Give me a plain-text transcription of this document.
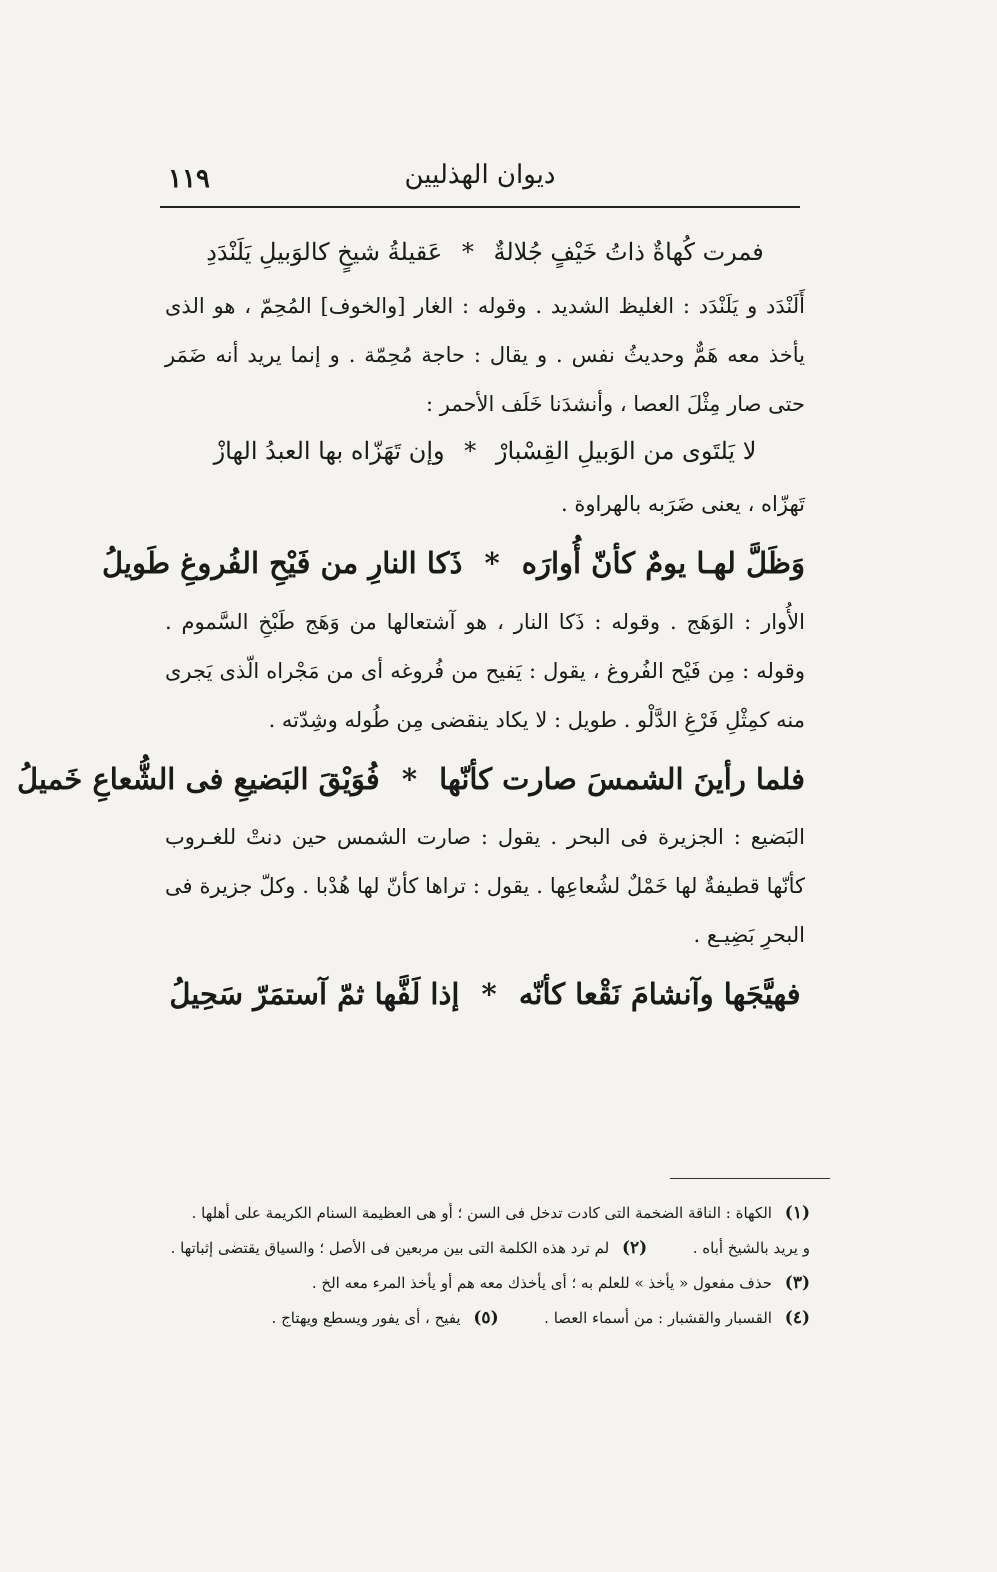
١١٩	ديوان الهذليين
فمرت كُهاةٌ ذاتُ خَيْفٍ جُلالةٌ * عَقيلةُ شيخٍ كالوَبيلِ يَلَنْدَدِ

أَلَنْدَد و يَلَنْدَد : الغليظ الشديد . وقوله : الغار [والخوف] المُحِمّ ، هو الذى يأخذ معه هَمٌّ وحديثُ نفس . و يقال : حاجة مُحِمّة . و إنما يريد أنه ضَمَر حتى صار مِثْلَ العصا ، وأنشدَنا خَلَف الأحمر :

لا يَلتَوى من الوَبيلِ القِسْبارْ * وإن تَهَزّاه بها العبدُ الهازْ

تَهزّاه ، يعنى ضَرَبه بالهراوة .

وَظَلَّ لهـا يومٌ كأنّ أُوارَه * ذَكا النارِ من فَيْحِ الفُروغِ طَويلُ

الأُوار : الوَهَج . وقوله : ذَكا النار ، هو آشتعالها من وَهَج طَبْخِ السَّموم . وقوله : مِن فَيْح الفُروغ ، يقول : يَفيح من فُروغه أى من مَجْراه الّذى يَجرى منه كمِثْلِ فَرْغِ الدَّلْو . طويل : لا يكاد ينقضى مِن طُوله وشِدّته .

فلما رأينَ الشمسَ صارت كأنّها * فُوَيْقَ البَضيعِ فى الشُّعاعِ خَميلُ

البَضيع : الجزيرة فى البحر . يقول : صارت الشمس حين دنتْ للغـروب كأنّها قطيفةٌ لها خَمْلٌ لشُعاعِها . يقول : تراها كأنّ لها هُدْبا . وكلّ جزيرة فى البحرِ بَضِيـع .

فهيَّجَها وآنشامَ نَقْعا كأنّه * إذا لَفَّها ثمّ آستمَرّ سَحِيلُ
(١) الكهاة : الناقة الضخمة التى كادت تدخل فى السن ؛ أو هى العظيمة السنام الكريمة على أهلها .
و يريد بالشيخ أباه .  (٢) لم ترد هذه الكلمة التى بين مربعين فى الأصل ؛ والسياق يقتضى إثباتها .
(٣) حذف مفعول « يأخذ » للعلم به ؛ أى يأخذك معه هم أو يأخذ المرء معه الخ .
(٤) القسبار والقشبار : من أسماء العصا .  (٥) يفيح ، أى يفور ويسطع ويهتاج .
